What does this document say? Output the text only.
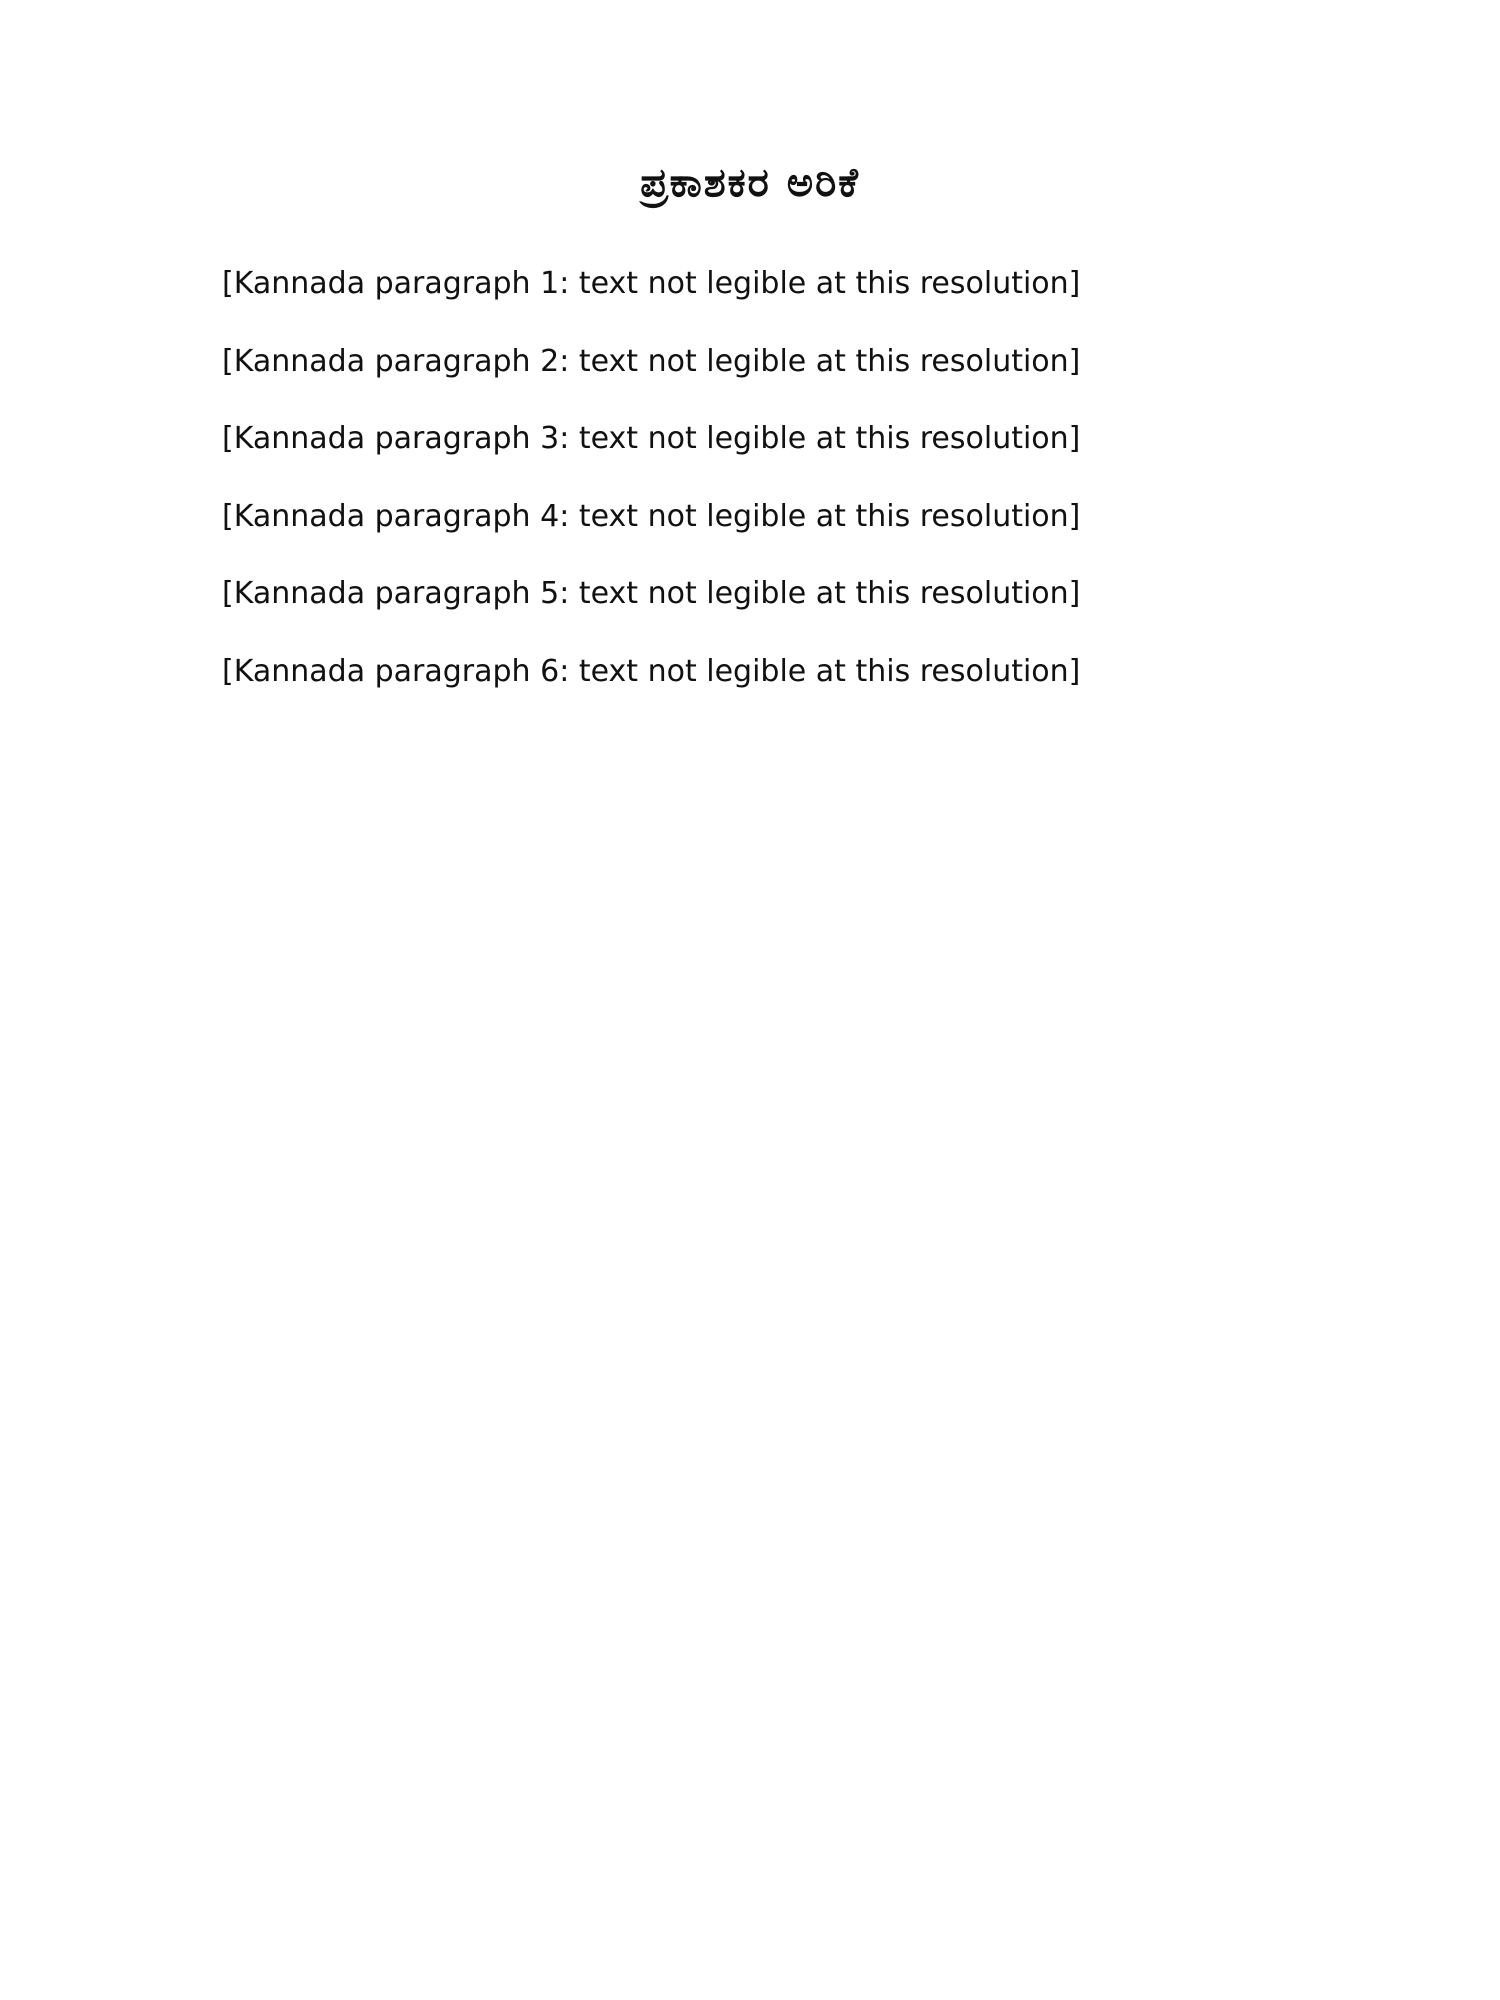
ಪ್ರಕಾಶಕರ ಅರಿಕೆ

[Kannada paragraph 1: text not legible at this resolution]

[Kannada paragraph 2: text not legible at this resolution]

[Kannada paragraph 3: text not legible at this resolution]

[Kannada paragraph 4: text not legible at this resolution]

[Kannada paragraph 5: text not legible at this resolution]

[Kannada paragraph 6: text not legible at this resolution]
